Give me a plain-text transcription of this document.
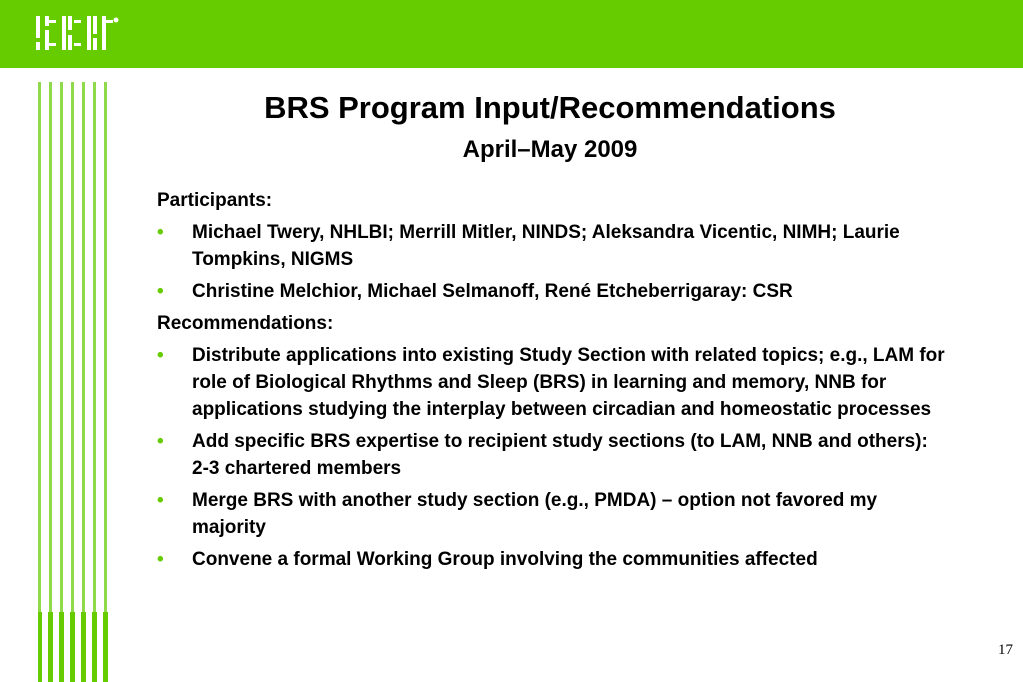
BRS Program Input/Recommendations
April–May 2009
Participants:
• Michael Twery, NHLBI; Merrill Mitler, NINDS; Aleksandra Vicentic, NIMH; Laurie Tompkins, NIGMS
• Christine Melchior, Michael Selmanoff, René Etcheberrigaray: CSR
Recommendations:
• Distribute applications into existing Study Section with related topics; e.g., LAM for role of Biological Rhythms and Sleep (BRS) in learning and memory, NNB for applications studying the interplay between circadian and homeostatic processes
• Add specific BRS expertise to recipient study sections (to LAM, NNB and others): 2-3 chartered members
• Merge BRS with another study section (e.g., PMDA) – option not favored my majority
• Convene a formal Working Group involving the communities affected
17
